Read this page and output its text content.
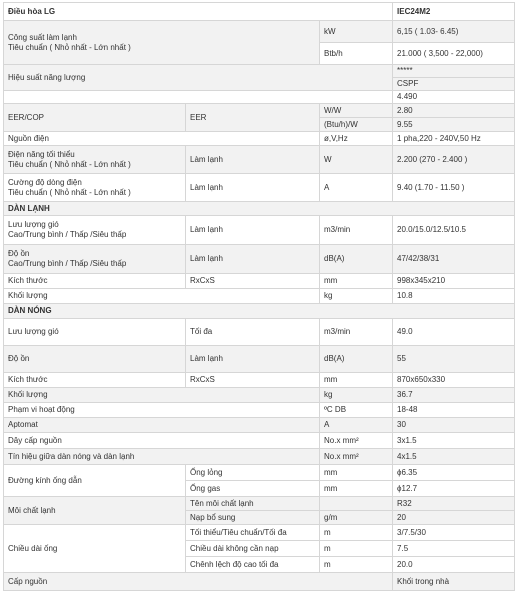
Điều hòa LG			IEC24M2

Công suất làm lạnh
Tiêu chuẩn ( Nhỏ nhất - Lớn nhất )		kW	6,15 ( 1.03- 6.45)
		Btb/h	21.000 ( 3,500 - 22,000)
Hiệu suất năng lượng			*****
			CSPF
			4.490
EER/COP	EER	W/W	2.80
		(Btu/h)/W	9.55
Nguồn điện		ø,V,Hz	1 pha,220 - 240V,50 Hz

Điện năng tối thiểu
Tiêu chuẩn ( Nhỏ nhất - Lớn nhất )	Làm lạnh	W	2.200 (270 - 2.400 )

Cường độ dòng điện
Tiêu chuẩn ( Nhỏ nhất - Lớn nhất )	Làm lạnh	A	9.40 (1.70 - 11.50 )
DÀN LẠNH			

Lưu lượng gió
Cao/Trung bình / Thấp /Siêu thấp	Làm lạnh	m3/min	20.0/15.0/12.5/10.5

Độ ồn
Cao/Trung bình / Thấp /Siêu thấp	Làm lạnh	dB(A)	47/42/38/31
Kích thước	RxCxS	mm	998x345x210
Khối lượng		kg	10.8
DÀN NÓNG			
Lưu lượng gió	Tối đa	m3/min	49.0
Độ ồn	Làm lạnh	dB(A)	55
Kích thước	RxCxS	mm	870x650x330
Khối lượng		kg	36.7
Phạm vi hoạt động		ºC DB	18-48
Aptomat		A	30
Dây cấp nguồn		No.x mm²	3x1.5
Tín hiệu giữa dàn nóng và dàn lạnh		No.x mm²	4x1.5
Đường kính ống dẫn	Ống lỏng	mm	ϕ6.35
	Ống gas	mm	ϕ12.7
Môi chất lạnh	Tên môi chất lạnh		R32
	Nạp bổ sung	g/m	20
Chiều dài ống	Tối thiểu/Tiêu chuẩn/Tối đa	m	3/7.5/30
	Chiều dài không cần nạp	m	7.5
	Chênh lệch độ cao tối đa	m	20.0
Cấp nguồn			Khối trong nhà
